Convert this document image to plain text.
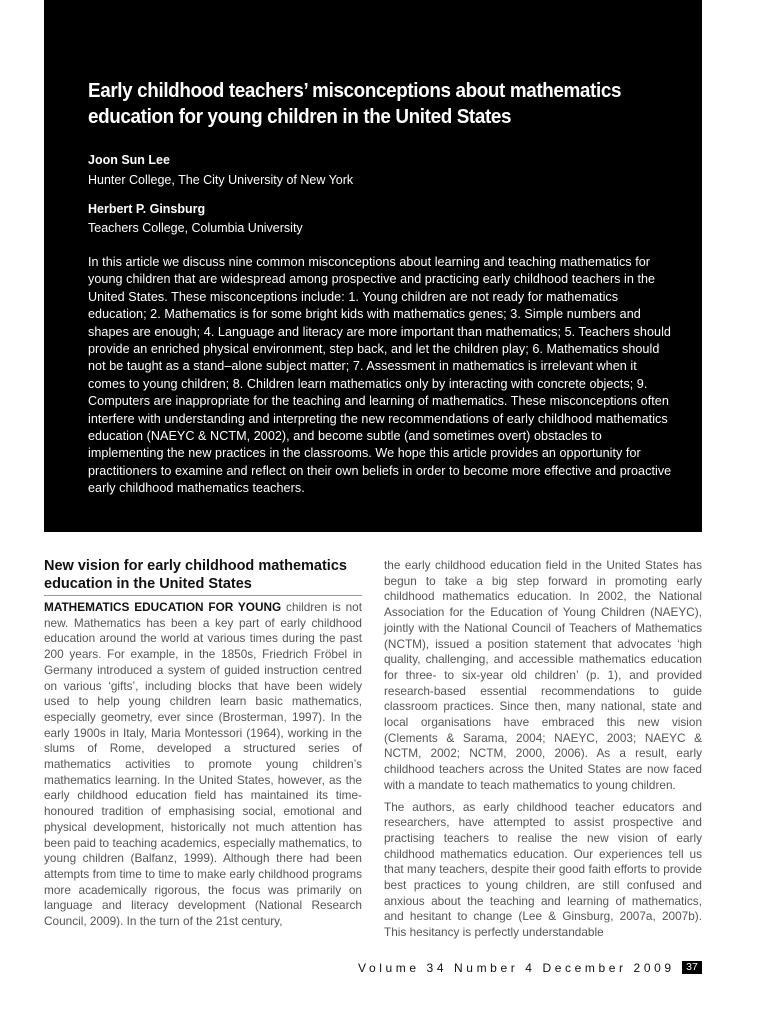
Early childhood teachers’ misconceptions about mathematics education for young children in the United States

Joon Sun Lee

Hunter College, The City University of New York

Herbert P. Ginsburg

Teachers College, Columbia University

In this article we discuss nine common misconceptions about learning and teaching mathematics for young children that are widespread among prospective and practicing early childhood teachers in the United States. These misconceptions include: 1. Young children are not ready for mathematics education; 2. Mathematics is for some bright kids with mathematics genes; 3. Simple numbers and shapes are enough; 4. Language and literacy are more important than mathematics; 5. Teachers should provide an enriched physical environment, step back, and let the children play; 6. Mathematics should not be taught as a stand–alone subject matter; 7. Assessment in mathematics is irrelevant when it comes to young children; 8. Children learn mathematics only by interacting with concrete objects; 9. Computers are inappropriate for the teaching and learning of mathematics. These misconceptions often interfere with understanding and interpreting the new recommendations of early childhood mathematics education (NAEYC & NCTM, 2002), and become subtle (and sometimes overt) obstacles to implementing the new practices in the classrooms. We hope this article provides an opportunity for practitioners to examine and reflect on their own beliefs in order to become more effective and proactive early childhood mathematics teachers.

New vision for early childhood mathematics education in the United States

MATHEMATICS EDUCATION FOR YOUNG children is not new. Mathematics has been a key part of early childhood education around the world at various times during the past 200 years. For example, in the 1850s, Friedrich Fröbel in Germany introduced a system of guided instruction centred on various ‘gifts’, including blocks that have been widely used to help young children learn basic mathematics, especially geometry, ever since (Brosterman, 1997). In the early 1900s in Italy, Maria Montessori (1964), working in the slums of Rome, developed a structured series of mathematics activities to promote young children’s mathematics learning. In the United States, however, as the early childhood education field has maintained its time-honoured tradition of emphasising social, emotional and physical development, historically not much attention has been paid to teaching academics, especially mathematics, to young children (Balfanz, 1999). Although there had been attempts from time to time to make early childhood programs more academically rigorous, the focus was primarily on language and literacy development (National Research Council, 2009). In the turn of the 21st century,

the early childhood education field in the United States has begun to take a big step forward in promoting early childhood mathematics education. In 2002, the National Association for the Education of Young Children (NAEYC), jointly with the National Council of Teachers of Mathematics (NCTM), issued a position statement that advocates ‘high quality, challenging, and accessible mathematics education for three- to six-year old children’ (p. 1), and provided research-based essential recommendations to guide classroom practices. Since then, many national, state and local organisations have embraced this new vision (Clements & Sarama, 2004; NAEYC, 2003; NAEYC & NCTM, 2002; NCTM, 2000, 2006). As a result, early childhood teachers across the United States are now faced with a mandate to teach mathematics to young children.

The authors, as early childhood teacher educators and researchers, have attempted to assist prospective and practising teachers to realise the new vision of early childhood mathematics education. Our experiences tell us that many teachers, despite their good faith efforts to provide best practices to young children, are still confused and anxious about the teaching and learning of mathematics, and hesitant to change (Lee & Ginsburg, 2007a, 2007b). This hesitancy is perfectly understandable

Volume 34 Number 4 December 2009	37
